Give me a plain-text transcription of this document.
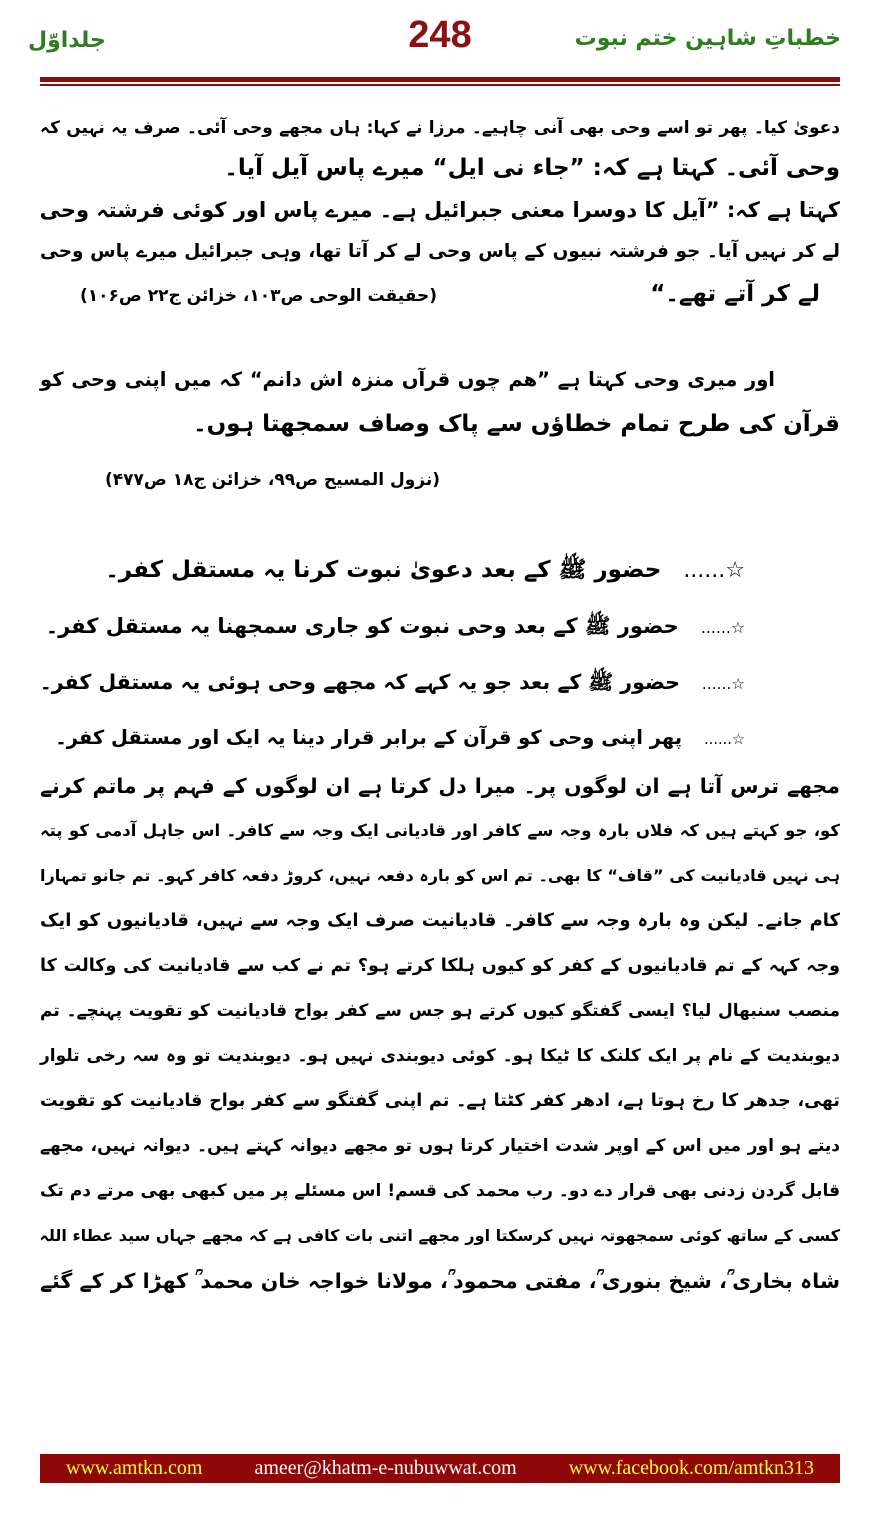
جلداوّل	248	خطباتِ شاہین ختم نبوت
دعویٰ کیا۔ پھر تو اسے وحی بھی آنی چاہیے۔ مرزا نے کہا: ہاں مجھے وحی آئی۔ صرف یہ نہیں کہ
وحی آئی۔ کہتا ہے کہ: ”جاء نی ایل“ میرے پاس آیل آیا۔
کہتا ہے کہ: ”آیل کا دوسرا معنی جبرائیل ہے۔ میرے پاس اور کوئی فرشتہ وحی
لے کر نہیں آیا۔ جو فرشتہ نبیوں کے پاس وحی لے کر آتا تھا، وہی جبرائیل میرے پاس وحی
لے کر آتے تھے۔“
(حقیقت الوحی ص۱۰۳، خزائن ج۲۲ ص۱۰۶)
اور میری وحی کہتا ہے ”ھم چوں قرآں منزہ اش دانم“ کہ میں اپنی وحی کو
قرآن کی طرح تمام خطاؤں سے پاک وصاف سمجھتا ہوں۔
(نزول المسیح ص۹۹، خزائن ج۱۸ ص۴۷۷)
☆......حضور ﷺ کے بعد دعویٰ نبوت کرنا یہ مستقل کفر۔
☆......حضور ﷺ کے بعد وحی نبوت کو جاری سمجھنا یہ مستقل کفر۔
☆......حضور ﷺ کے بعد جو یہ کہے کہ مجھے وحی ہوئی یہ مستقل کفر۔
☆......پھر اپنی وحی کو قرآن کے برابر قرار دینا یہ ایک اور مستقل کفر۔
مجھے ترس آتا ہے ان لوگوں پر۔ میرا دل کرتا ہے ان لوگوں کے فہم پر ماتم کرنے
کو، جو کہتے ہیں کہ فلاں بارہ وجہ سے کافر اور قادیانی ایک وجہ سے کافر۔ اس جاہل آدمی کو پتہ
ہی نہیں قادیانیت کی ”قاف“ کا بھی۔ تم اس کو بارہ دفعہ نہیں، کروڑ دفعہ کافر کہو۔ تم جانو تمہارا
کام جانے۔ لیکن وہ بارہ وجہ سے کافر۔ قادیانیت صرف ایک وجہ سے نہیں، قادیانیوں کو ایک
وجہ کہہ کے تم قادیانیوں کے کفر کو کیوں ہلکا کرتے ہو؟ تم نے کب سے قادیانیت کی وکالت کا
منصب سنبھال لیا؟ ایسی گفتگو کیوں کرتے ہو جس سے کفر بواح قادیانیت کو تقویت پہنچے۔ تم
دیوبندیت کے نام پر ایک کلنک کا ٹیکا ہو۔ کوئی دیوبندی نہیں ہو۔ دیوبندیت تو وہ سہ رخی تلوار
تھی، جدھر کا رخ ہوتا ہے، ادھر کفر کٹتا ہے۔ تم اپنی گفتگو سے کفر بواح قادیانیت کو تقویت
دیتے ہو اور میں اس کے اوپر شدت اختیار کرتا ہوں تو مجھے دیوانہ کہتے ہیں۔ دیوانہ نہیں، مجھے
قابل گردن زدنی بھی قرار دے دو۔ رب محمد کی قسم! اس مسئلے پر میں کبھی بھی مرتے دم تک
کسی کے ساتھ کوئی سمجھوتہ نہیں کرسکتا اور مجھے اتنی بات کافی ہے کہ مجھے جہاں سید عطاء اللہ
شاہ بخاری ؒ، شیخ بنوری ؒ، مفتی محمود ؒ، مولانا خواجہ خان محمد ؒ کھڑا کر کے گئے
www.amtkn.com	ameer@khatm-e-nubuwwat.com	www.facebook.com/amtkn313
